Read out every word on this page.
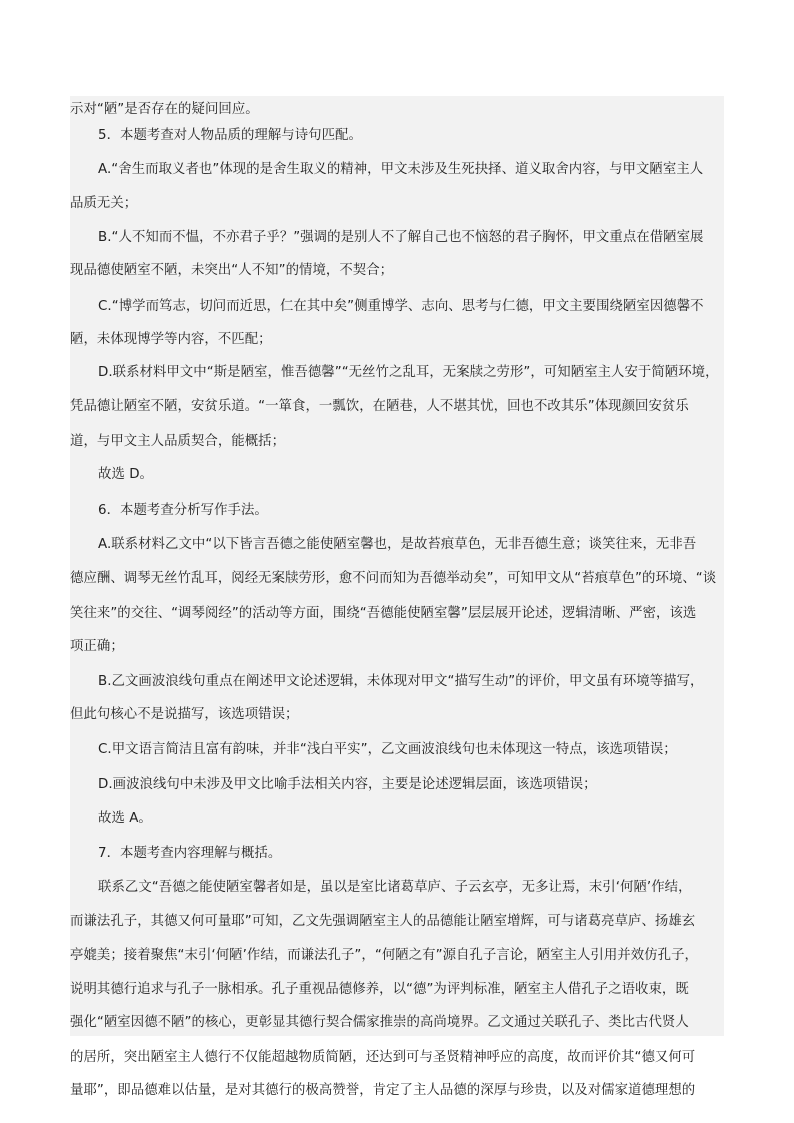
示对“陋”是否存在的疑问回应。
5．本题考查对人物品质的理解与诗句匹配。
A.“舍生而取义者也”体现的是舍生取义的精神，甲文未涉及生死抉择、道义取舍内容，与甲文陋室主人
品质无关；
B.“人不知而不愠，不亦君子乎？”强调的是别人不了解自己也不恼怒的君子胸怀，甲文重点在借陋室展
现品德使陋室不陋，未突出“人不知”的情境，不契合；
C.“博学而笃志，切问而近思，仁在其中矣”侧重博学、志向、思考与仁德，甲文主要围绕陋室因德馨不
陋，未体现博学等内容，不匹配；
D.联系材料甲文中“斯是陋室，惟吾德馨”“无丝竹之乱耳，无案牍之劳形”，可知陋室主人安于简陋环境，
凭品德让陋室不陋，安贫乐道。“一箪食，一瓢饮，在陋巷，人不堪其忧，回也不改其乐”体现颜回安贫乐
道，与甲文主人品质契合，能概括；
故选 D。
6．本题考查分析写作手法。
A.联系材料乙文中“以下皆言吾德之能使陋室馨也，是故苔痕草色，无非吾德生意；谈笑往来，无非吾
德应酬、调琴无丝竹乱耳，阅经无案牍劳形，愈不问而知为吾德举动矣”，可知甲文从“苔痕草色”的环境、“谈
笑往来”的交往、“调琴阅经”的活动等方面，围绕“吾德能使陋室馨”层层展开论述，逻辑清晰、严密，该选
项正确；
B.乙文画波浪线句重点在阐述甲文论述逻辑，未体现对甲文“描写生动”的评价，甲文虽有环境等描写，
但此句核心不是说描写，该选项错误；
C.甲文语言简洁且富有韵味，并非“浅白平实”，乙文画波浪线句也未体现这一特点，该选项错误；
D.画波浪线句中未涉及甲文比喻手法相关内容，主要是论述逻辑层面，该选项错误；
故选 A。
7．本题考查内容理解与概括。
联系乙文“吾德之能使陋室馨者如是，虽以是室比诸葛草庐、子云玄亭，无多让焉，末引‘何陋’作结，
而谦法孔子，其德又何可量耶”可知，乙文先强调陋室主人的品德能让陋室增辉，可与诸葛亮草庐、扬雄玄
亭媲美；接着聚焦“末引‘何陋’作结，而谦法孔子”，“何陋之有”源自孔子言论，陋室主人引用并效仿孔子，
说明其德行追求与孔子一脉相承。孔子重视品德修养，以“德”为评判标准，陋室主人借孔子之语收束，既
强化“陋室因德不陋”的核心，更彰显其德行契合儒家推崇的高尚境界。乙文通过关联孔子、类比古代贤人
的居所，突出陋室主人德行不仅能超越物质简陋，还达到可与圣贤精神呼应的高度，故而评价其“德又何可
量耶”，即品德难以估量，是对其德行的极高赞誉，肯定了主人品德的深厚与珍贵，以及对儒家道德理想的
